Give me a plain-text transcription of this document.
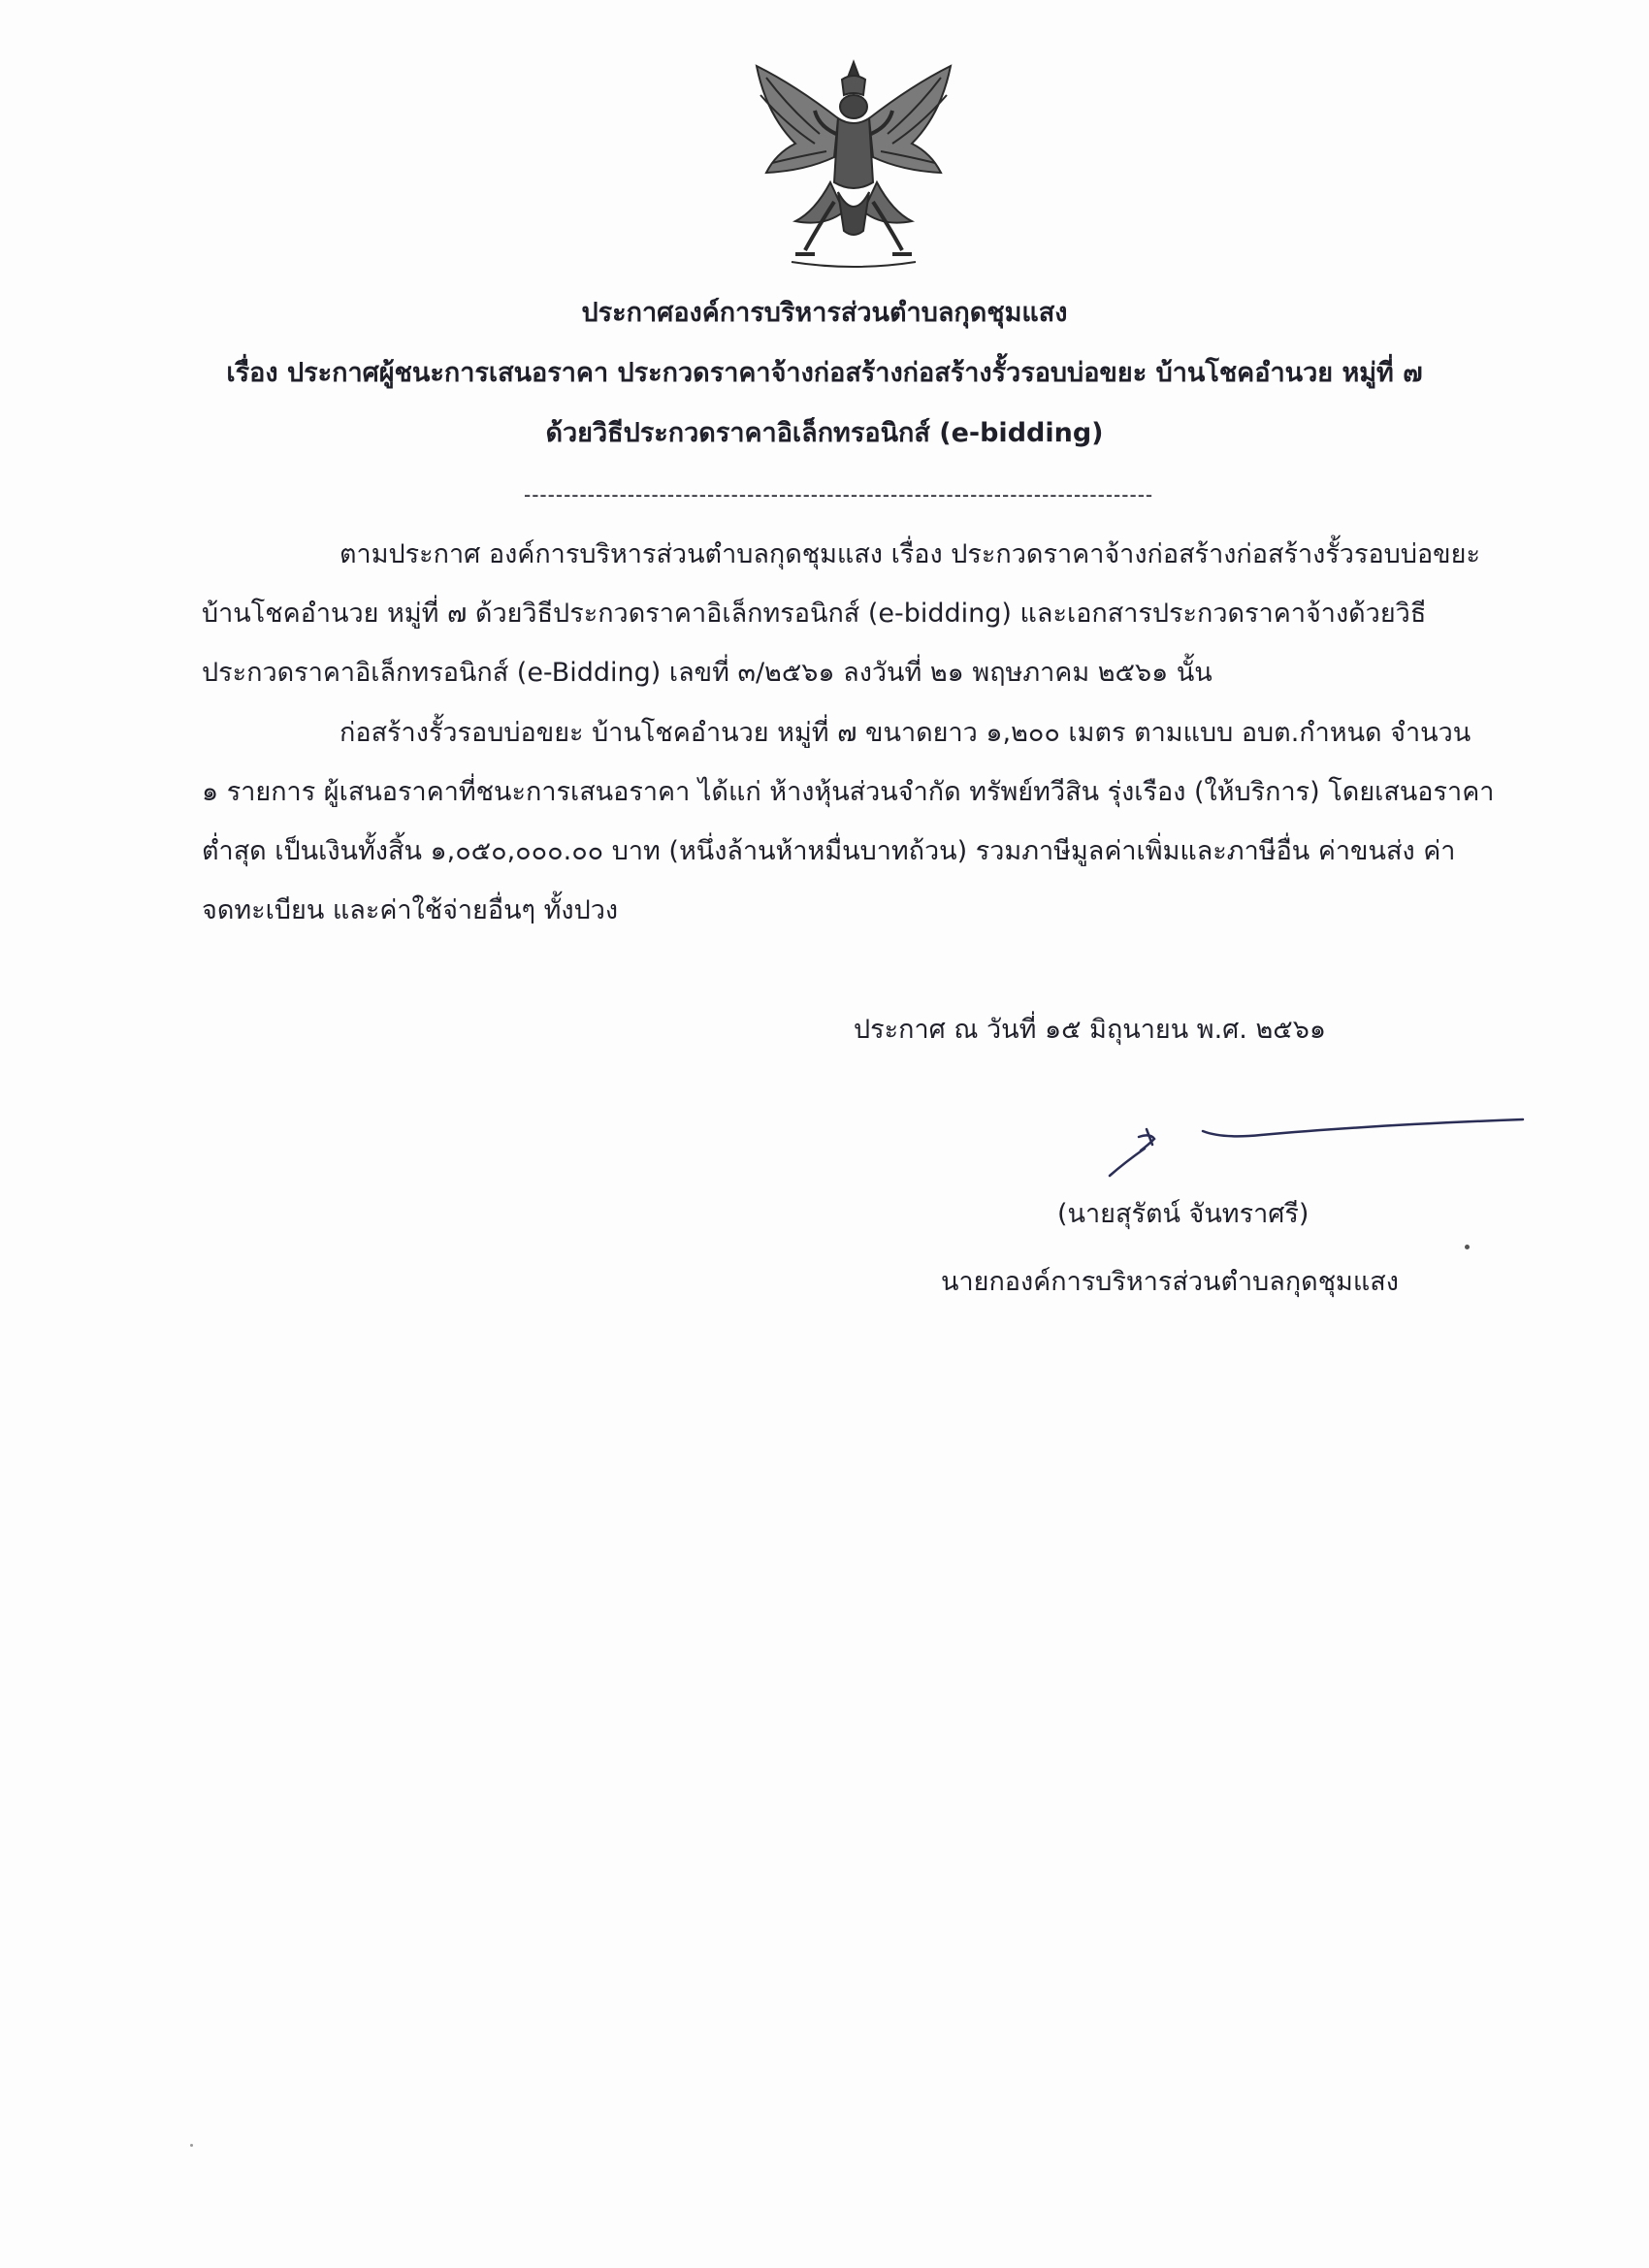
ประกาศองค์การบริหารส่วนตำบลกุดชุมแสง
เรื่อง ประกาศผู้ชนะการเสนอราคา ประกวดราคาจ้างก่อสร้างก่อสร้างรั้วรอบบ่อขยะ บ้านโชคอำนวย หมู่ที่ ๗
ด้วยวิธีประกวดราคาอิเล็กทรอนิกส์ (e-bidding)
-------------------------------------------------------------------------------
ตามประกาศ องค์การบริหารส่วนตำบลกุดชุมแสง เรื่อง ประกวดราคาจ้างก่อสร้างก่อสร้างรั้วรอบบ่อขยะ
บ้านโชคอำนวย หมู่ที่ ๗ ด้วยวิธีประกวดราคาอิเล็กทรอนิกส์ (e-bidding) และเอกสารประกวดราคาจ้างด้วยวิธี
ประกวดราคาอิเล็กทรอนิกส์ (e-Bidding) เลขที่ ๓/๒๕๖๑ ลงวันที่ ๒๑ พฤษภาคม ๒๕๖๑ นั้น
ก่อสร้างรั้วรอบบ่อขยะ บ้านโชคอำนวย หมู่ที่ ๗ ขนาดยาว ๑,๒๐๐ เมตร ตามแบบ อบต.กำหนด จำนวน
๑ รายการ ผู้เสนอราคาที่ชนะการเสนอราคา ได้แก่ ห้างหุ้นส่วนจำกัด ทรัพย์ทวีสิน รุ่งเรือง (ให้บริการ) โดยเสนอราคา
ต่ำสุด เป็นเงินทั้งสิ้น ๑,๐๕๐,๐๐๐.๐๐ บาท (หนึ่งล้านห้าหมื่นบาทถ้วน) รวมภาษีมูลค่าเพิ่มและภาษีอื่น ค่าขนส่ง ค่า
จดทะเบียน และค่าใช้จ่ายอื่นๆ ทั้งปวง
ประกาศ ณ วันที่ ๑๕ มิถุนายน พ.ศ. ๒๕๖๑
(นายสุรัตน์ จันทราศรี)
นายกองค์การบริหารส่วนตำบลกุดชุมแสง
